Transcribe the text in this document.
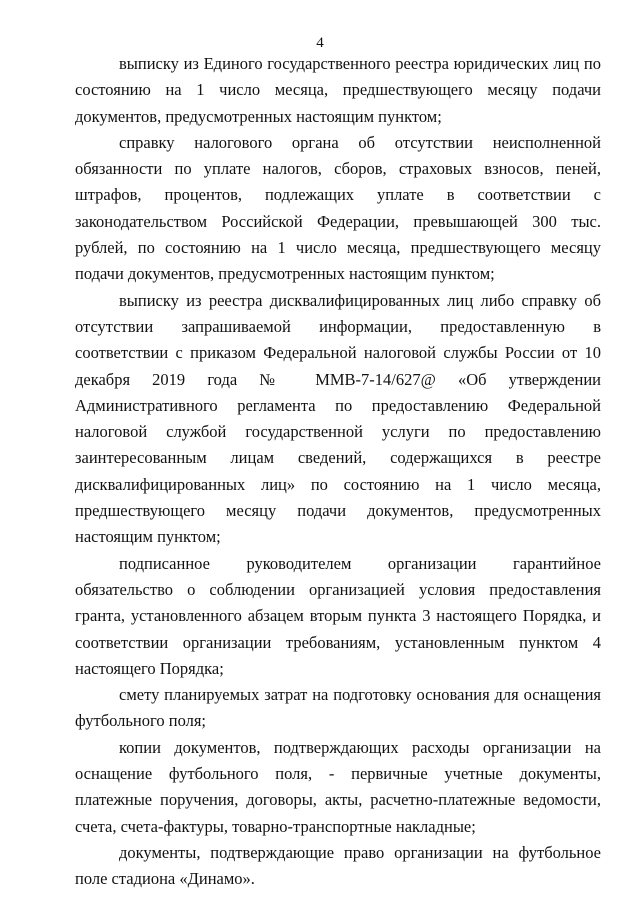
4

выписку из Единого государственного реестра юридических лиц по состоянию на 1 число месяца, предшествующего месяцу подачи документов, предусмотренных настоящим пунктом;

справку налогового органа об отсутствии неисполненной обязанности по уплате налогов, сборов, страховых взносов, пеней, штрафов, процентов, подлежащих уплате в соответствии с законодательством Российской Федерации, превышающей 300 тыс. рублей, по состоянию на 1 число месяца, предшествующего месяцу подачи документов, предусмотренных настоящим пунктом;

выписку из реестра дисквалифицированных лиц либо справку об отсутствии запрашиваемой информации, предоставленную в соответствии с приказом Федеральной налоговой службы России от 10 декабря 2019 года № ММВ-7-14/627@ «Об утверждении Административного регламента по предоставлению Федеральной налоговой службой государственной услуги по предоставлению заинтересованным лицам сведений, содержащихся в реестре дисквалифицированных лиц» по состоянию на 1 число месяца, предшествующего месяцу подачи документов, предусмотренных настоящим пунктом;

подписанное руководителем организации гарантийное обязательство о соблюдении организацией условия предоставления гранта, установленного абзацем вторым пункта 3 настоящего Порядка, и соответствии организации требованиям, установленным пунктом 4 настоящего Порядка;

смету планируемых затрат на подготовку основания для оснащения футбольного поля;

копии документов, подтверждающих расходы организации на оснащение футбольного поля, - первичные учетные документы, платежные поручения, договоры, акты, расчетно-платежные ведомости, счета, счета-фактуры, товарно-транспортные накладные;

документы, подтверждающие право организации на футбольное поле стадиона «Динамо».
